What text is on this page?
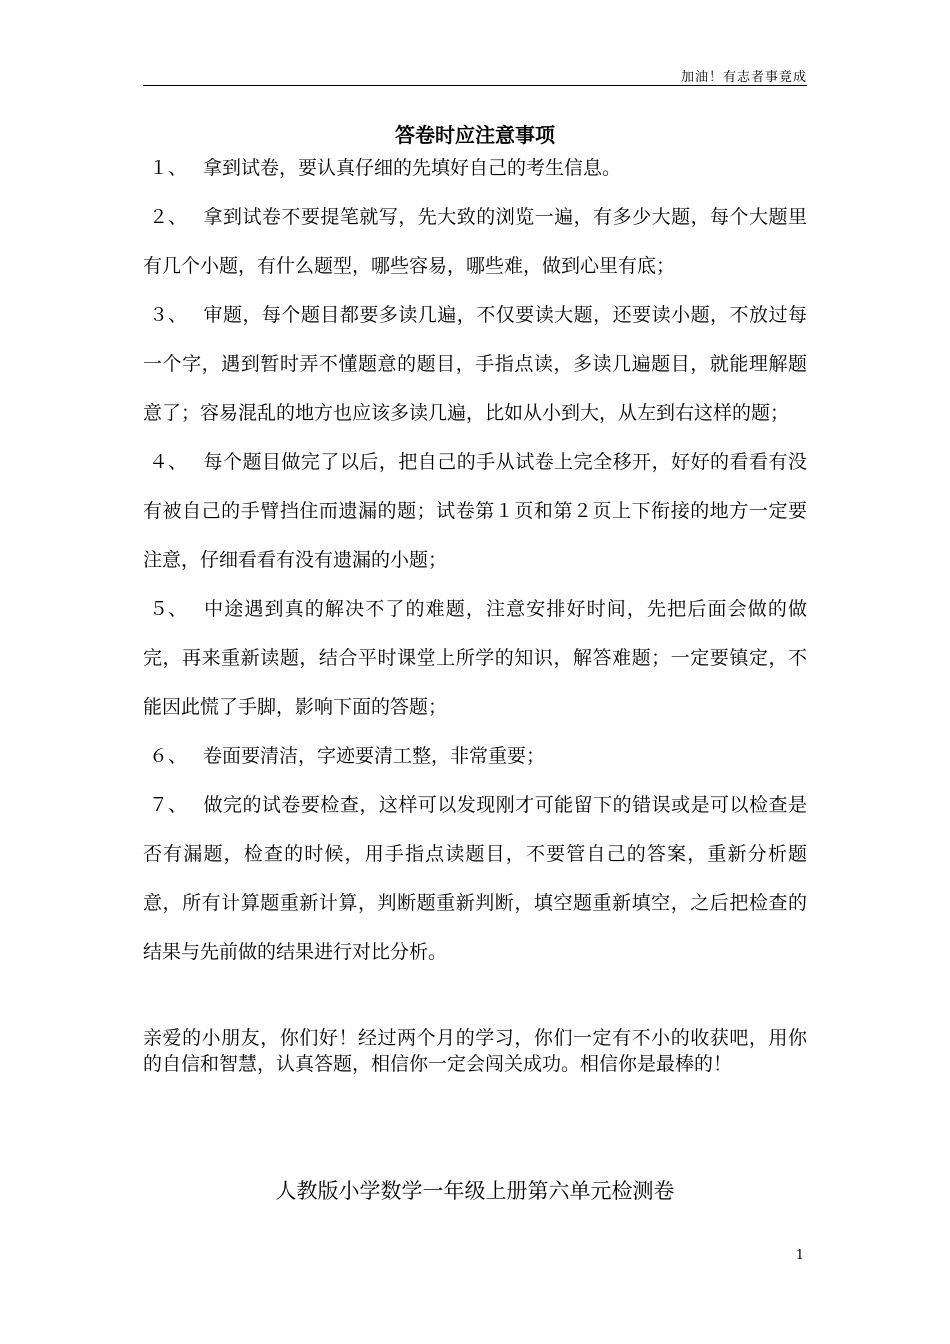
加油！有志者事竟成
答卷时应注意事项
１、 拿到试卷，要认真仔细的先填好自己的考生信息。
２、 拿到试卷不要提笔就写，先大致的浏览一遍，有多少大题，每个大题里有几个小题，有什么题型，哪些容易，哪些难，做到心里有底；
３、 审题，每个题目都要多读几遍，不仅要读大题，还要读小题，不放过每一个字，遇到暂时弄不懂题意的题目，手指点读，多读几遍题目，就能理解题意了；容易混乱的地方也应该多读几遍，比如从小到大，从左到右这样的题；
４、 每个题目做完了以后，把自己的手从试卷上完全移开，好好的看看有没有被自己的手臂挡住而遗漏的题；试卷第１页和第２页上下衔接的地方一定要注意，仔细看看有没有遗漏的小题；
５、 中途遇到真的解决不了的难题，注意安排好时间，先把后面会做的做完，再来重新读题，结合平时课堂上所学的知识，解答难题；一定要镇定，不能因此慌了手脚，影响下面的答题；
６、 卷面要清洁，字迹要清工整，非常重要；
７、 做完的试卷要检查，这样可以发现刚才可能留下的错误或是可以检查是否有漏题，检查的时候，用手指点读题目，不要管自己的答案，重新分析题意，所有计算题重新计算，判断题重新判断，填空题重新填空，之后把检查的结果与先前做的结果进行对比分析。

亲爱的小朋友，你们好！经过两个月的学习，你们一定有不小的收获吧，用你的自信和智慧，认真答题，相信你一定会闯关成功。相信你是最棒的！

人教版小学数学一年级上册第六单元检测卷
1
